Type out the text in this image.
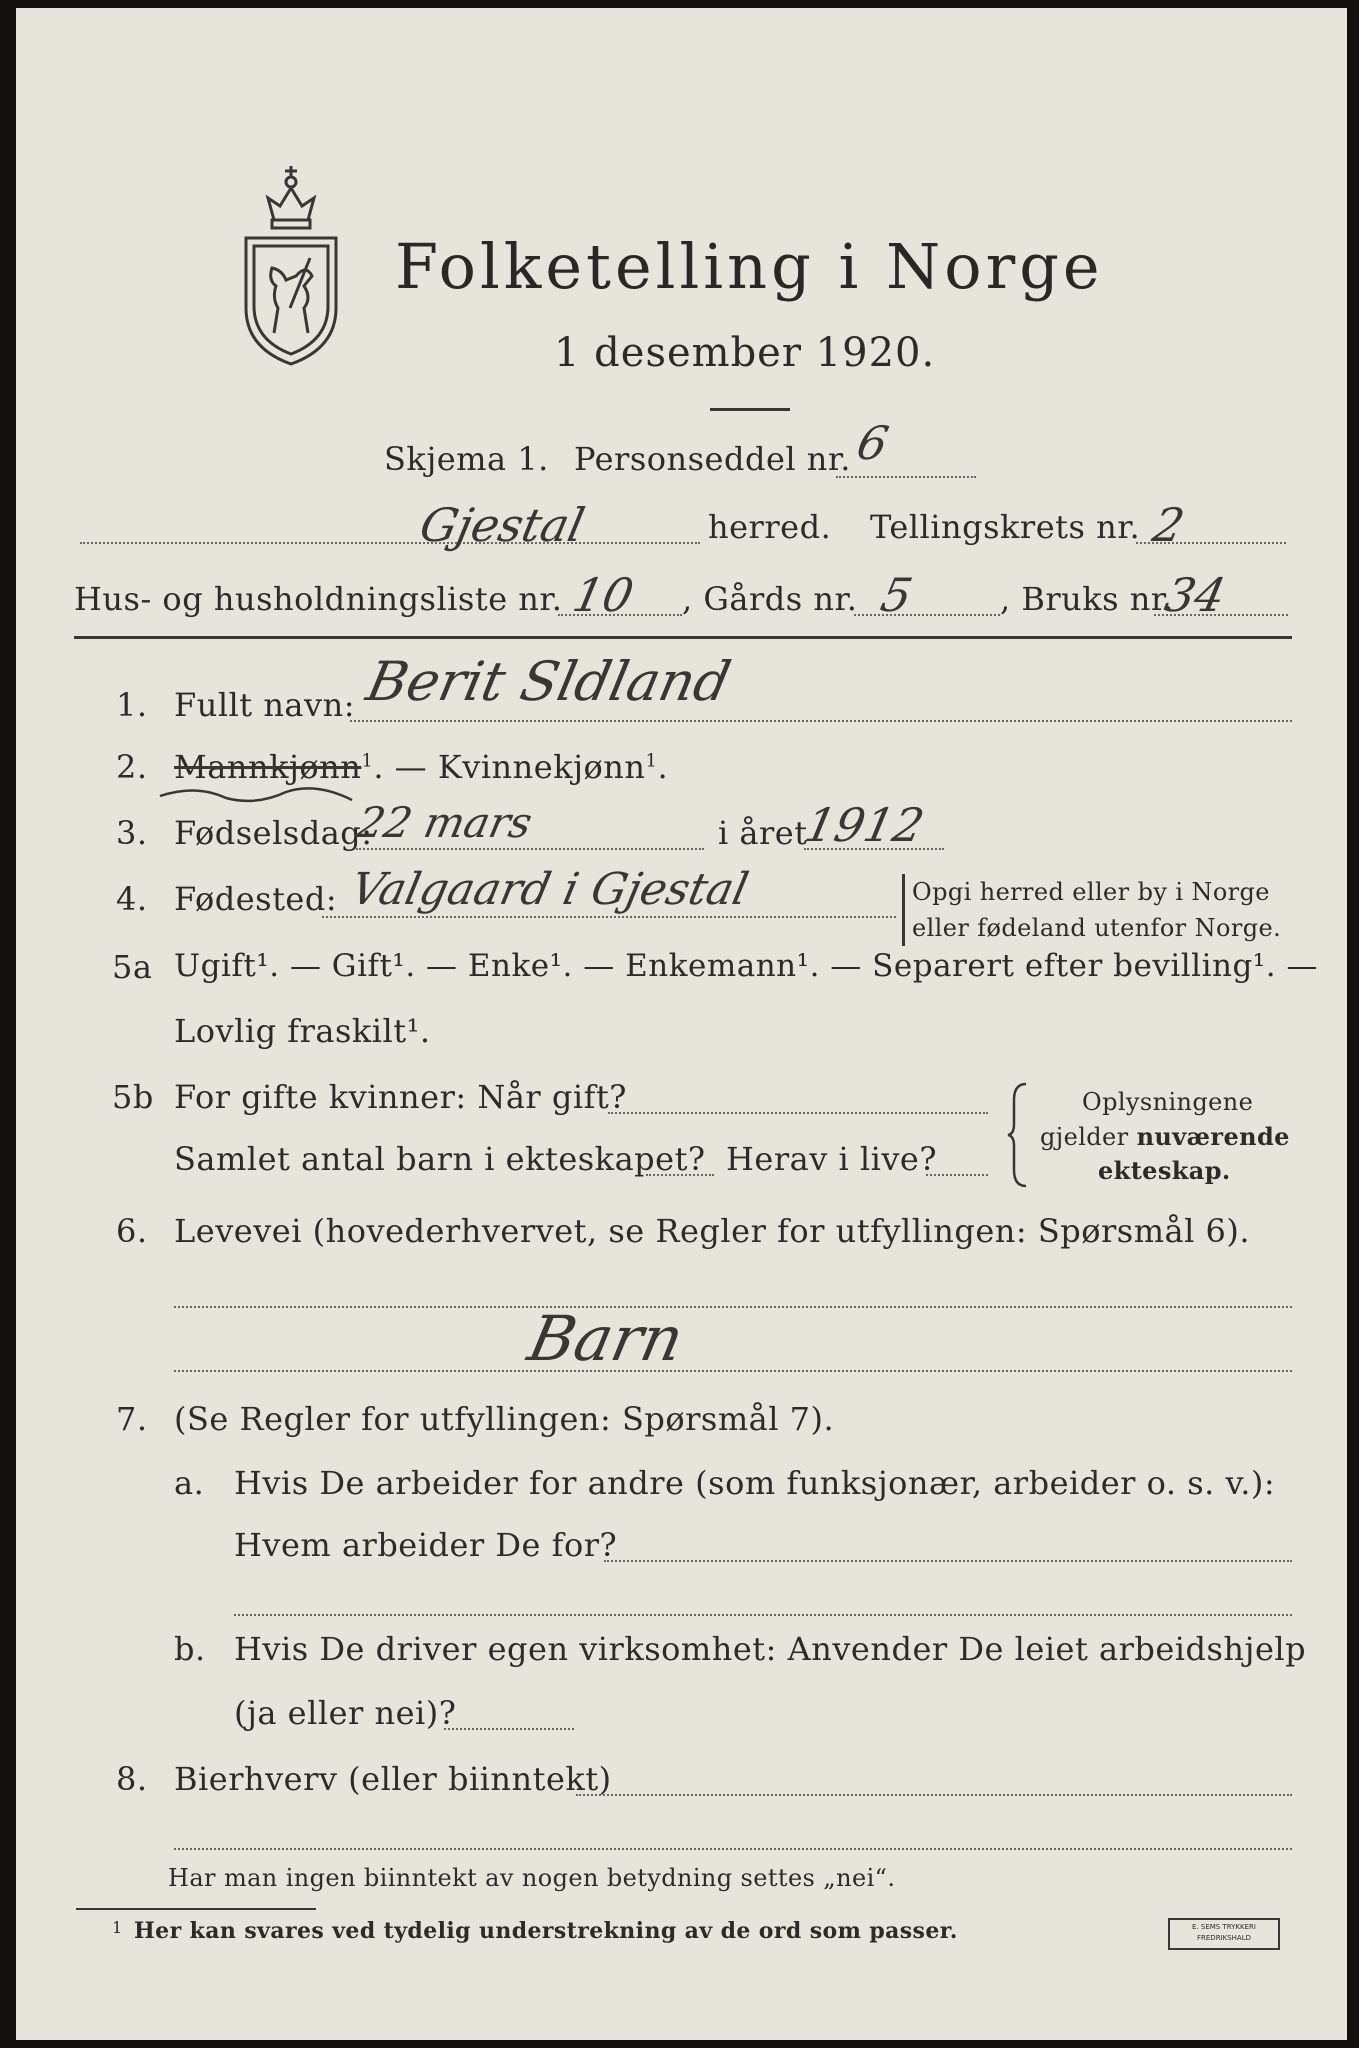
Folketelling i Norge
1 desember 1920.
Skjema 1. Personseddel nr. 6
Gjestal	herred. Tellingskrets nr. 2
Hus- og husholdningsliste nr. 10 , Gårds nr. 5	, Bruks nr.
34
1. Fullt navn: Berit Sldland
2. Mannkjønn$^1$. — Kvinnekjønn$^1$.
3. Fødselsdag:
22 mars	i året
1912
4. Fødested: Valgaard i Gjestal	Opgi herred eller by i Norge
eller fødeland utenfor Norge.
5a Ugift¹. — Gift¹. — Enke¹. — Enkemann¹. — Separert efter bevilling¹. —
Lovlig fraskilt¹.
5b For gifte kvinner: Når gift?
Samlet antal barn i ekteskapet? Herav i live?
Oplysningene
gjelder nuværende
ekteskap.
6. Levevei (hovederhvervet, se Regler for utfyllingen: Spørsmål 6).
Barn
7. (Se Regler for utfyllingen: Spørsmål 7).
a. Hvis De arbeider for andre (som funksjonær, arbeider o. s. v.):
Hvem arbeider De for?
b. Hvis De driver egen virksomhet: Anvender De leiet arbeidshjelp
(ja eller nei)?
8. Bierhverv (eller biinntekt)
Har man ingen biinntekt av nogen betydning settes „nei“.
1 Her kan svares ved tydelig understrekning av de ord som passer.	E. SEMS TRYKKERI
FREDRIKSHALD
